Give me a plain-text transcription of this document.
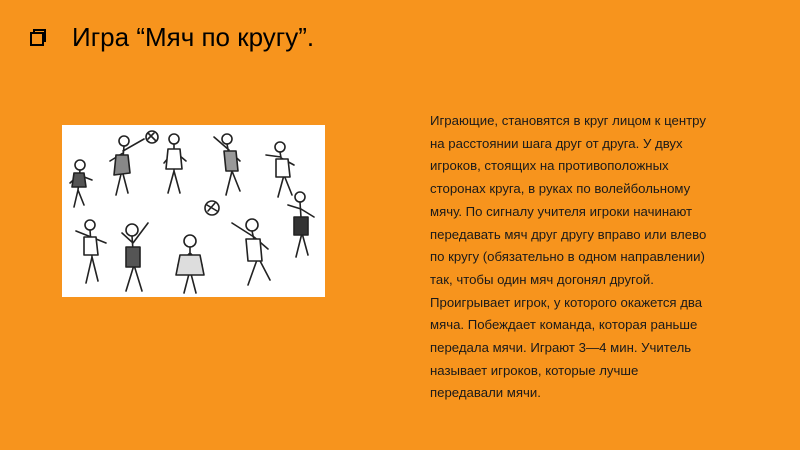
Игра “Мяч по кругу”.

Играющие, становятся в круг лицом к центру

на расстоянии шага друг от друга. У двух

игроков, стоящих на противоположных

сторонах круга, в руках по волейбольному

мячу. По сигналу учителя игроки начинают

передавать мяч друг другу вправо или влево

по кругу (обязательно в одном направлении)

так, чтобы один мяч догонял другой.

Проигрывает игрок, у которого окажется два

мяча. Побеждает команда, которая раньше

передала мячи. Играют 3—4 мин. Учитель

называет игроков, которые лучше

передавали мячи.
